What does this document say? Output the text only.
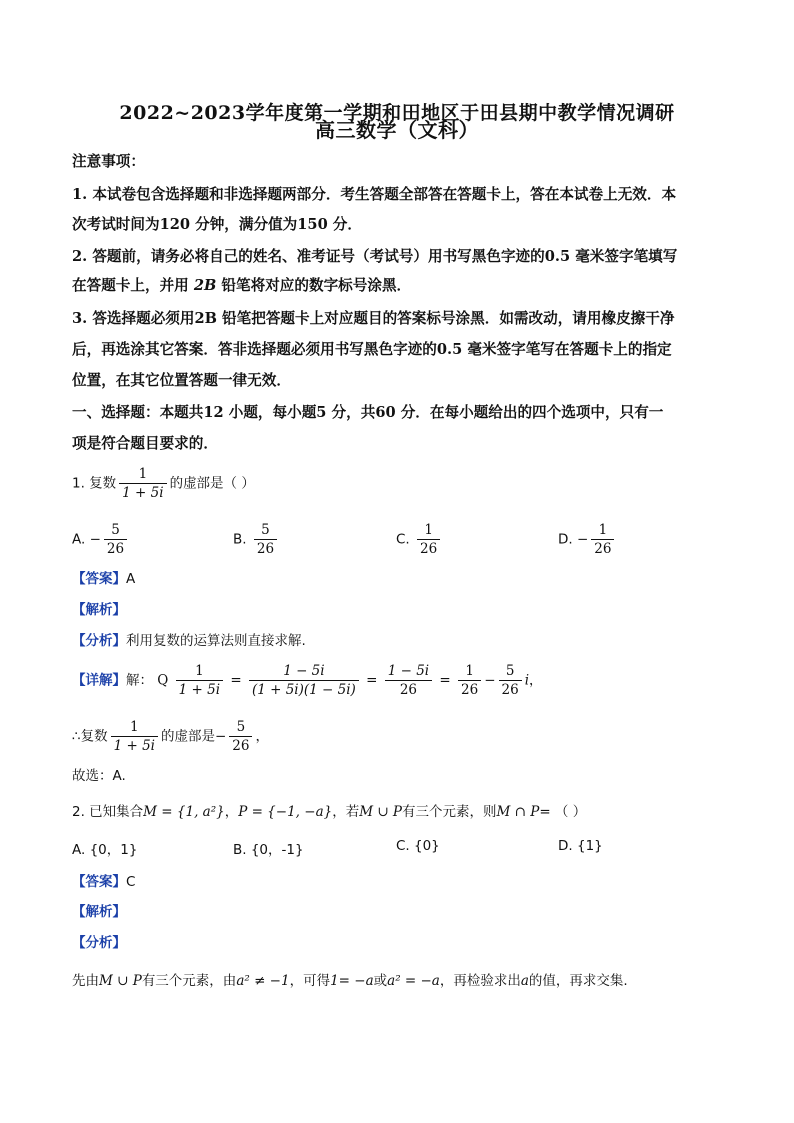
2022~2023学年度第一学期和田地区于田县期中教学情况调研
高三数学（文科）
注意事项：
1. 本试卷包含选择题和非选择题两部分．考生答题全部答在答题卡上，答在本试卷上无效．本
次考试时间为120 分钟，满分值为150 分．
2. 答题前，请务必将自己的姓名、准考证号（考试号）用书写黑色字迹的0.5 毫米签字笔填写
在答题卡上，并用 2B 铅笔将对应的数字标号涂黑．
3. 答选择题必须用2B 铅笔把答题卡上对应题目的答案标号涂黑．如需改动，请用橡皮擦干净
后，再选涂其它答案．答非选择题必须用书写黑色字迹的0.5 毫米签字笔写在答题卡上的指定
位置，在其它位置答题一律无效．
一、选择题：本题共12 小题，每小题5 分，共60 分．在每小题给出的四个选项中，只有一
项是符合题目要求的．
1. 复数 $\frac{1}{1 + 5i}$ 的虚部是（ ）
A. − $\frac{5}{26}$	B. $\frac{5}{26}$	C. $\frac{1}{26}$	D. − $\frac{1}{26}$
【答案】A
【解析】
【分析】利用复数的运算法则直接求解.
【详解】解： Q $\frac{1}{1 + 5i} = \frac{1 - 5i}{(1 + 5i)(1 - 5i)} = \frac{1 - 5i}{26} = \frac{1}{26} - \frac{5}{26}$ i，
∴复数 $\frac{1}{1 + 5i}$ 的虚部是− $\frac{5}{26}$ ，
故选：A.
2. 已知集合M = {1, a²}，P = {−1, −a}，若M ∪ P有三个元素，则M ∩ P= （ ）
A. {0，1}	B. {0，-1}	C. {0}	D. {1}
【答案】C
【解析】
【分析】
先由M ∪ P有三个元素，由a² ≠ −1，可得1= −a或a² = −a，再检验求出a的值，再求交集.
